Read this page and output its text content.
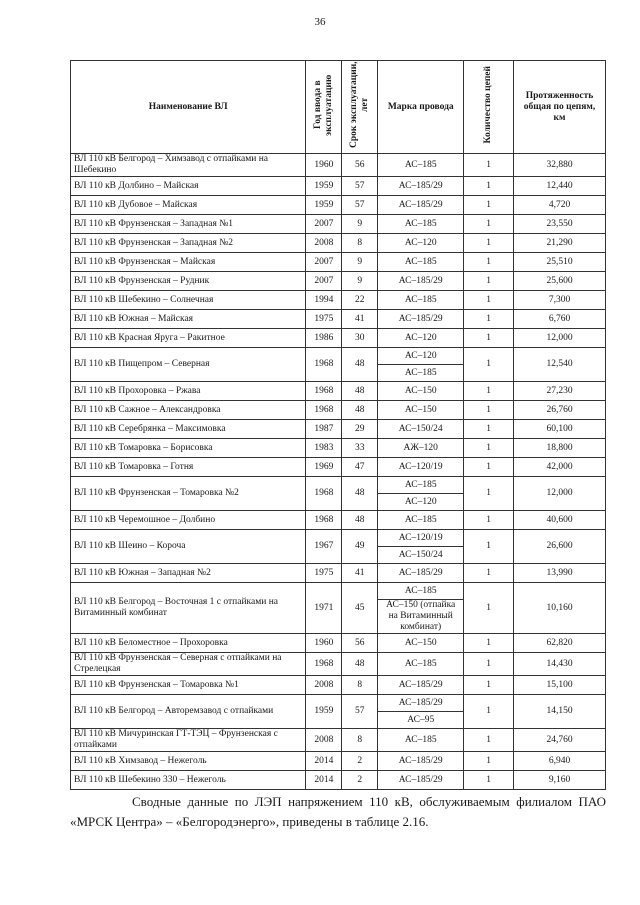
36
Наименование ВЛ	Год ввода в эксплуатацию	Срок эксплуатации, лет	Марка провода	Количество цепей	Протяженность общая по цепям, км
ВЛ 110 кВ Белгород – Химзавод с отпайками на Шебекино	1960	56	АС–185	1	32,880
ВЛ 110 кВ Долбино – Майская	1959	57	АС–185/29	1	12,440
ВЛ 110 кВ Дубовое – Майская	1959	57	АС–185/29	1	4,720
ВЛ 110 кВ Фрунзенская – Западная №1	2007	9	АС–185	1	23,550
ВЛ 110 кВ Фрунзенская – Западная №2	2008	8	АС–120	1	21,290
ВЛ 110 кВ Фрунзенская – Майская	2007	9	АС–185	1	25,510
ВЛ 110 кВ Фрунзенская – Рудник	2007	9	АС–185/29	1	25,600
ВЛ 110 кВ Шебекино – Солнечная	1994	22	АС–185	1	7,300
ВЛ 110 кВ Южная – Майская	1975	41	АС–185/29	1	6,760
ВЛ 110 кВ Красная Яруга – Ракитное	1986	30	АС–120	1	12,000
ВЛ 110 кВ Пищепром – Северная	1968	48	АС–120	1	12,540
			АС–185		
ВЛ 110 кВ Прохоровка – Ржава	1968	48	АС–150	1	27,230
ВЛ 110 кВ Сажное – Александровка	1968	48	АС–150	1	26,760
ВЛ 110 кВ Серебрянка – Максимовка	1987	29	АС–150/24	1	60,100
ВЛ 110 кВ Томаровка – Борисовка	1983	33	АЖ–120	1	18,800
ВЛ 110 кВ Томаровка – Готня	1969	47	АС–120/19	1	42,000
ВЛ 110 кВ Фрунзенская – Томаровка №2	1968	48	АС–185	1	12,000
			АС–120		
ВЛ 110 кВ Черемошное – Долбино	1968	48	АС–185	1	40,600
ВЛ 110 кВ Шеино – Короча	1967	49	АС–120/19	1	26,600
			АС–150/24		
ВЛ 110 кВ Южная – Западная №2	1975	41	АС–185/29	1	13,990
ВЛ 110 кВ Белгород – Восточная 1 с отпайками на Витаминный комбинат	1971	45	АС–185	1	10,160
			АС–150 (отпайка на Витаминный комбинат)		
ВЛ 110 кВ Беломестное – Прохоровка	1960	56	АС–150	1	62,820
ВЛ 110 кВ Фрунзенская – Северная с отпайками на Стрелецкая	1968	48	АС–185	1	14,430
ВЛ 110 кВ Фрунзенская – Томаровка №1	2008	8	АС–185/29	1	15,100
ВЛ 110 кВ Белгород – Авторемзавод с отпайками	1959	57	АС–185/29	1	14,150
			АС–95		
ВЛ 110 кВ Мичуринская ГТ-ТЭЦ – Фрунзенская с отпайками	2008	8	АС–185	1	24,760
ВЛ 110 кВ Химзавод – Нежеголь	2014	2	АС–185/29	1	6,940
ВЛ 110 кВ Шебекино 330 – Нежеголь	2014	2	АС–185/29	1	9,160
Сводные данные по ЛЭП напряжением 110 кВ, обслуживаемым филиалом ПАО «МРСК Центра» – «Белгородэнерго», приведены в таблице 2.16.
